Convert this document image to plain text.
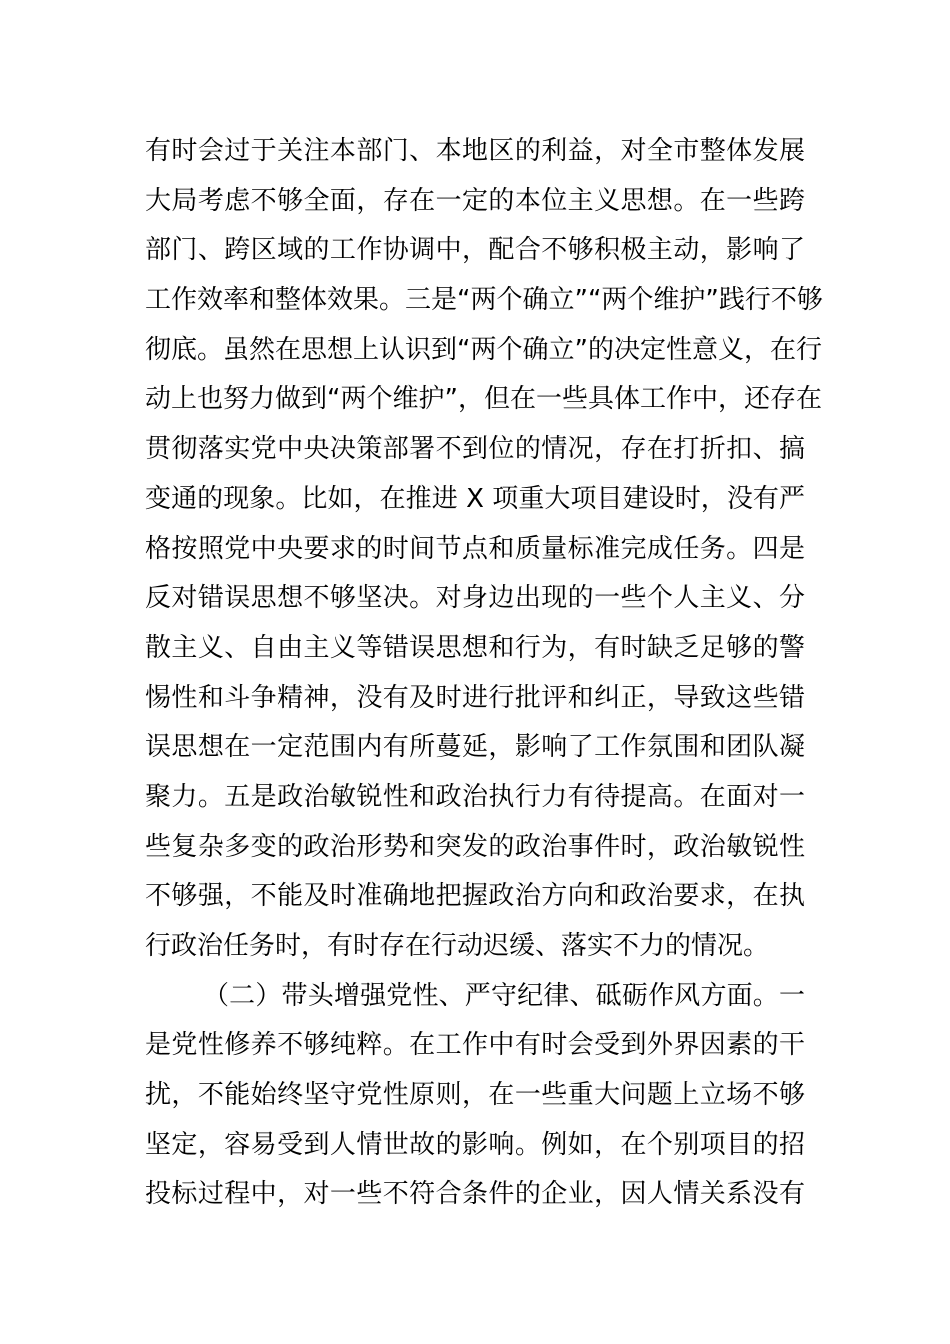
有时会过于关注本部门、本地区的利益，对全市整体发展
大局考虑不够全面，存在一定的本位主义思想。在一些跨
部门、跨区域的工作协调中，配合不够积极主动，影响了
工作效率和整体效果。三是“两个确立”“两个维护”践行不够
彻底。虽然在思想上认识到“两个确立”的决定性意义，在行
动上也努力做到“两个维护”，但在一些具体工作中，还存在
贯彻落实党中央决策部署不到位的情况，存在打折扣、搞
变通的现象。比如，在推进 X 项重大项目建设时，没有严
格按照党中央要求的时间节点和质量标准完成任务。四是
反对错误思想不够坚决。对身边出现的一些个人主义、分
散主义、自由主义等错误思想和行为，有时缺乏足够的警
惕性和斗争精神，没有及时进行批评和纠正，导致这些错
误思想在一定范围内有所蔓延，影响了工作氛围和团队凝
聚力。五是政治敏锐性和政治执行力有待提高。在面对一
些复杂多变的政治形势和突发的政治事件时，政治敏锐性
不够强，不能及时准确地把握政治方向和政治要求，在执
行政治任务时，有时存在行动迟缓、落实不力的情况。
（二）带头增强党性、严守纪律、砥砺作风方面。一
是党性修养不够纯粹。在工作中有时会受到外界因素的干
扰，不能始终坚守党性原则，在一些重大问题上立场不够
坚定，容易受到人情世故的影响。例如，在个别项目的招
投标过程中，对一些不符合条件的企业，因人情关系没有
